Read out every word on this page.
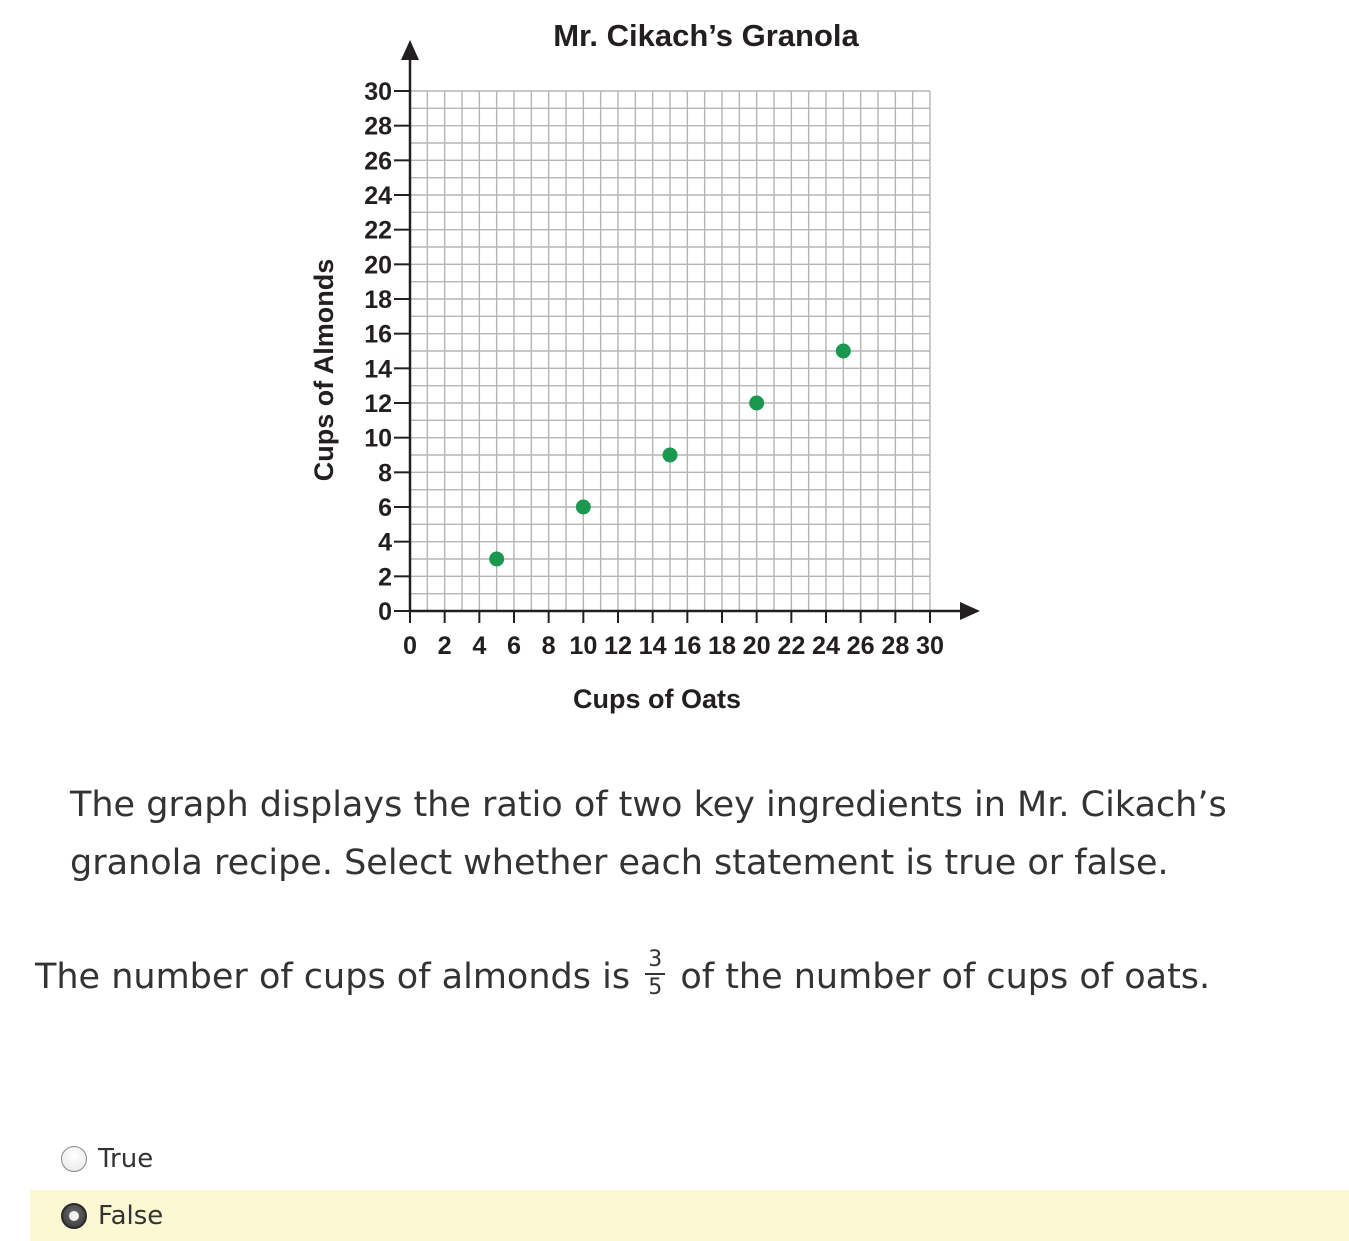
0
2
4
6
8
10
12
14
16
18
20
22
24
26
28
30
0 2 4 6 8 10 12 14 16 18 20 22 24 26 28 30
Mr. Cikach’s Granola
Cups of Oats
Cups of Almonds
The graph displays the ratio of two key ingredients in Mr. Cikach’s granola recipe. Select whether each statement is true or false.
The number of cups of almonds is $\frac{3}{5}$ of the number of cups of oats.
True
False
